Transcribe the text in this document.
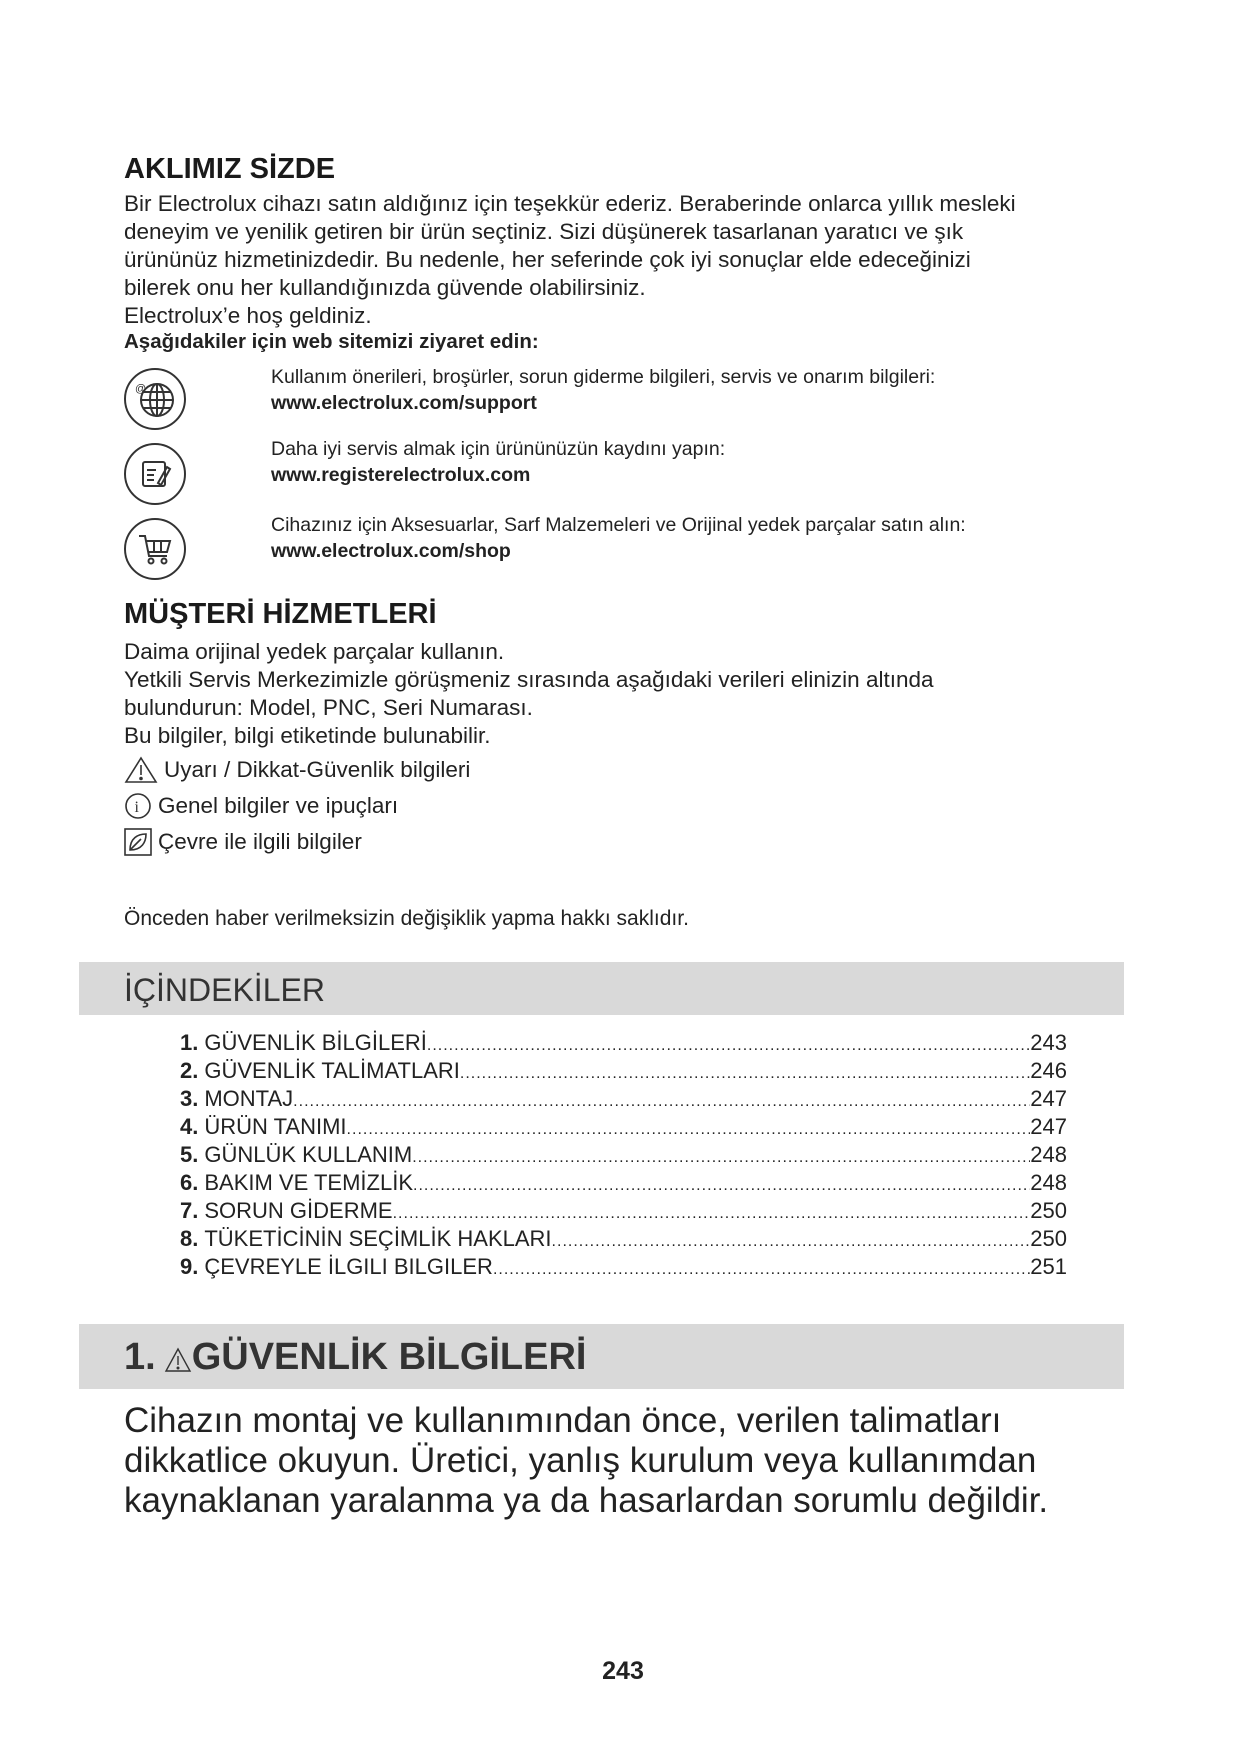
AKLIMIZ SİZDE
Bir Electrolux cihazı satın aldığınız için teşekkür ederiz. Beraberinde onlarca yıllık mesleki
deneyim ve yenilik getiren bir ürün seçtiniz. Sizi düşünerek tasarlanan yaratıcı ve şık
ürününüz hizmetinizdedir. Bu nedenle, her seferinde çok iyi sonuçlar elde edeceğinizi
bilerek onu her kullandığınızda güvende olabilirsiniz.
Electrolux’e hoş geldiniz.
Aşağıdakiler için web sitemizi ziyaret edin:
@
Kullanım önerileri, broşürler, sorun giderme bilgileri, servis ve onarım bilgileri:
www.electrolux.com/support
Daha iyi servis almak için ürününüzün kaydını yapın:
www.registerelectrolux.com
Cihazınız için Aksesuarlar, Sarf Malzemeleri ve Orijinal yedek parçalar satın alın:
www.electrolux.com/shop
MÜŞTERİ HİZMETLERİ
Daima orijinal yedek parçalar kullanın.
Yetkili Servis Merkezimizle görüşmeniz sırasında aşağıdaki verileri elinizin altında
bulundurun: Model, PNC, Seri Numarası.
Bu bilgiler, bilgi etiketinde bulunabilir.
Uyarı / Dikkat-Güvenlik bilgileri
i Genel bilgiler ve ipuçları
Çevre ile ilgili bilgiler
Önceden haber verilmeksizin değişiklik yapma hakkı saklıdır.
İÇİNDEKİLER
1. GÜVENLİK BİLGİLERİ .....	243
2. GÜVENLİK TALİMATLARI .....	246
3. MONTAJ .....	247
4. ÜRÜN TANIMI .....	247
5. GÜNLÜK KULLANIM .....	248
6. BAKIM VE TEMİZLİK .....	248
7. SORUN GİDERME .....	250
8. TÜKETİCİNİN SEÇİMLİK HAKLARI .....	250
9. ÇEVREYLE İLGILI BILGILER .....	251
1. GÜVENLİK BİLGİLERİ
Cihazın montaj ve kullanımından önce, verilen talimatları
dikkatlice okuyun. Üretici, yanlış kurulum veya kullanımdan
kaynaklanan yaralanma ya da hasarlardan sorumlu değildir.
243
